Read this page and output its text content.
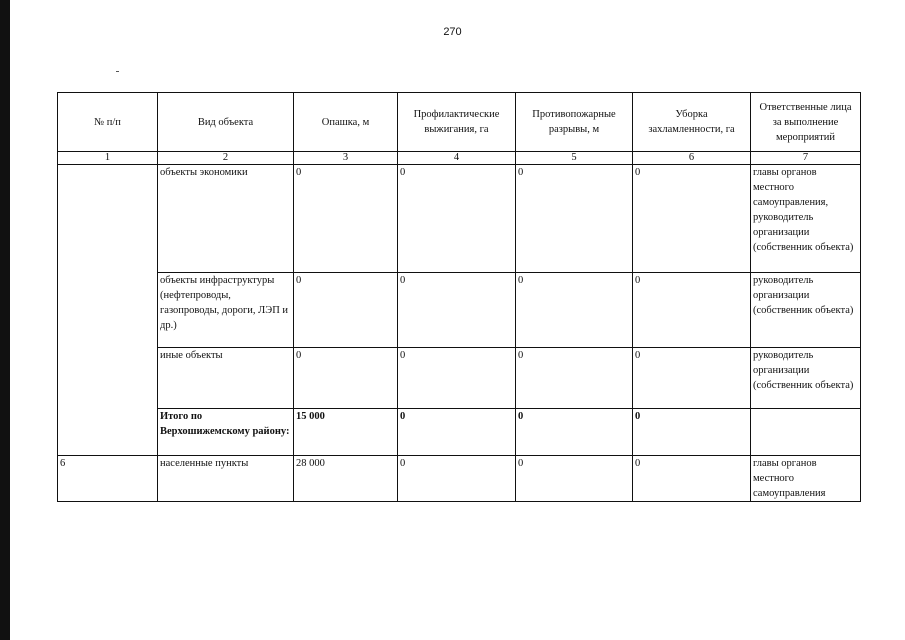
270
№ п/п	Вид объекта	Опашка, м	Профилактические выжигания, га	Противопожарные разрывы, м	Уборка захламленности, га	Ответственные лица за выполнение мероприятий
1	2	3	4	5	6	7
	объекты экономики	0	0	0	0	главы органов местного самоуправления, руководитель организации (собственник объекта)
	объекты инфраструктуры (нефтепроводы, газопроводы, дороги, ЛЭП и др.)	0	0	0	0	руководитель организации (собственник объекта)
	иные объекты	0	0	0	0	руководитель организации (собственник объекта)
	Итого по Верхошижемскому району:	15 000	0	0	0	
6	населенные пункты	28 000	0	0	0	главы органов местного самоуправления
